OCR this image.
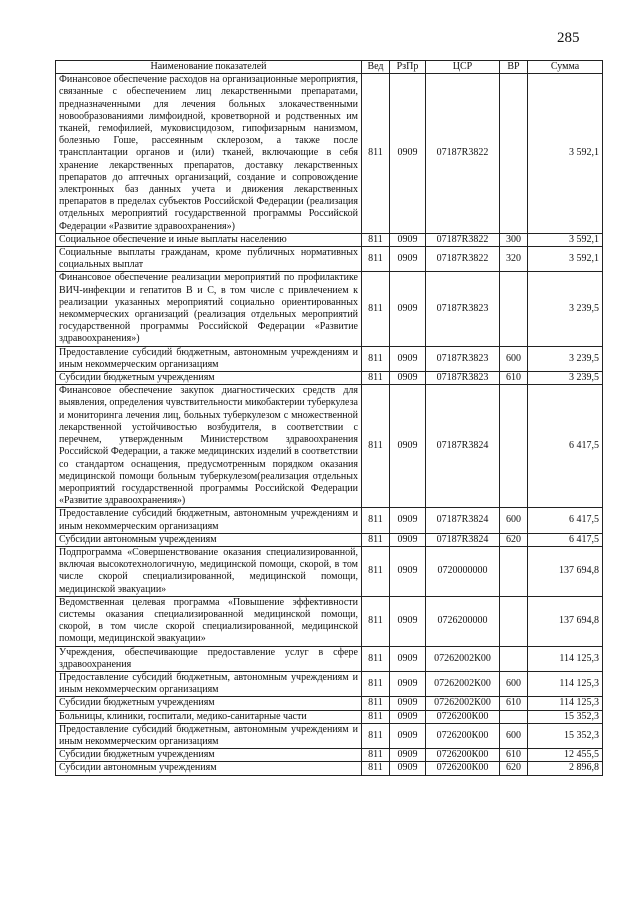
285
Наименование показателей	Вед	РзПр	ЦСР	ВР	Сумма
Финансовое обеспечение расходов на организационные мероприятия, связанные с обеспечением лиц лекарственными препаратами, предназначенными для лечения больных злокачественными новообразованиями лимфоидной, кроветворной и родственных им тканей, гемофилией, муковисцидозом, гипофизарным нанизмом, болезнью Гоше, рассеянным склерозом, а также после трансплантации органов и (или) тканей, включающие в себя хранение лекарственных препаратов, доставку лекарственных препаратов до аптечных организаций, создание и сопровождение электронных баз данных учета и движения лекарственных препаратов в пределах субъектов Российской Федерации (реализация отдельных мероприятий государственной программы Российской Федерации «Развитие здравоохранения»)	811	0909	07187R3822		3 592,1
Социальное обеспечение и иные выплаты населению	811	0909	07187R3822	300	3 592,1
Социальные выплаты гражданам, кроме публичных нормативных социальных выплат	811	0909	07187R3822	320	3 592,1
Финансовое обеспечение реализации мероприятий по профилактике ВИЧ-инфекции и гепатитов B и C, в том числе с привлечением к реализации указанных мероприятий социально ориентированных некоммерческих организаций (реализация отдельных мероприятий государственной программы Российской Федерации «Развитие здравоохранения»)	811	0909	07187R3823		3 239,5
Предоставление субсидий бюджетным, автономным учреждениям и иным некоммерческим организациям	811	0909	07187R3823	600	3 239,5
Субсидии бюджетным учреждениям	811	0909	07187R3823	610	3 239,5
Финансовое обеспечение закупок диагностических средств для выявления, определения чувствительности микобактерии туберкулеза и мониторинга лечения лиц, больных туберкулезом с множественной лекарственной устойчивостью возбудителя, в соответствии с перечнем, утвержденным Министерством здравоохранения Российской Федерации, а также медицинских изделий в соответствии со стандартом оснащения, предусмотренным порядком оказания медицинской помощи больным туберкулезом(реализация отдельных мероприятий государственной программы Российской Федерации «Развитие здравоохранения»)	811	0909	07187R3824		6 417,5
Предоставление субсидий бюджетным, автономным учреждениям и иным некоммерческим организациям	811	0909	07187R3824	600	6 417,5
Субсидии автономным учреждениям	811	0909	07187R3824	620	6 417,5
Подпрограмма «Совершенствование оказания специализированной, включая высокотехнологичную, медицинской помощи, скорой, в том числе скорой специализированной, медицинской помощи, медицинской эвакуации»	811	0909	0720000000		137 694,8
Ведомственная целевая программа «Повышение эффективности системы оказания специализированной медицинской помощи, скорой, в том числе скорой специализированной, медицинской помощи, медицинской эвакуации»	811	0909	0726200000		137 694,8
Учреждения, обеспечивающие предоставление услуг в сфере здравоохранения	811	0909	07262002К00		114 125,3
Предоставление субсидий бюджетным, автономным учреждениям и иным некоммерческим организациям	811	0909	07262002К00	600	114 125,3
Субсидии бюджетным учреждениям	811	0909	07262002К00	610	114 125,3
Больницы, клиники, госпитали, медико-санитарные части	811	0909	0726200К00		15 352,3
Предоставление субсидий бюджетным, автономным учреждениям и иным некоммерческим организациям	811	0909	0726200К00	600	15 352,3
Субсидии бюджетным учреждениям	811	0909	0726200К00	610	12 455,5
Субсидии автономным учреждениям	811	0909	0726200К00	620	2 896,8
